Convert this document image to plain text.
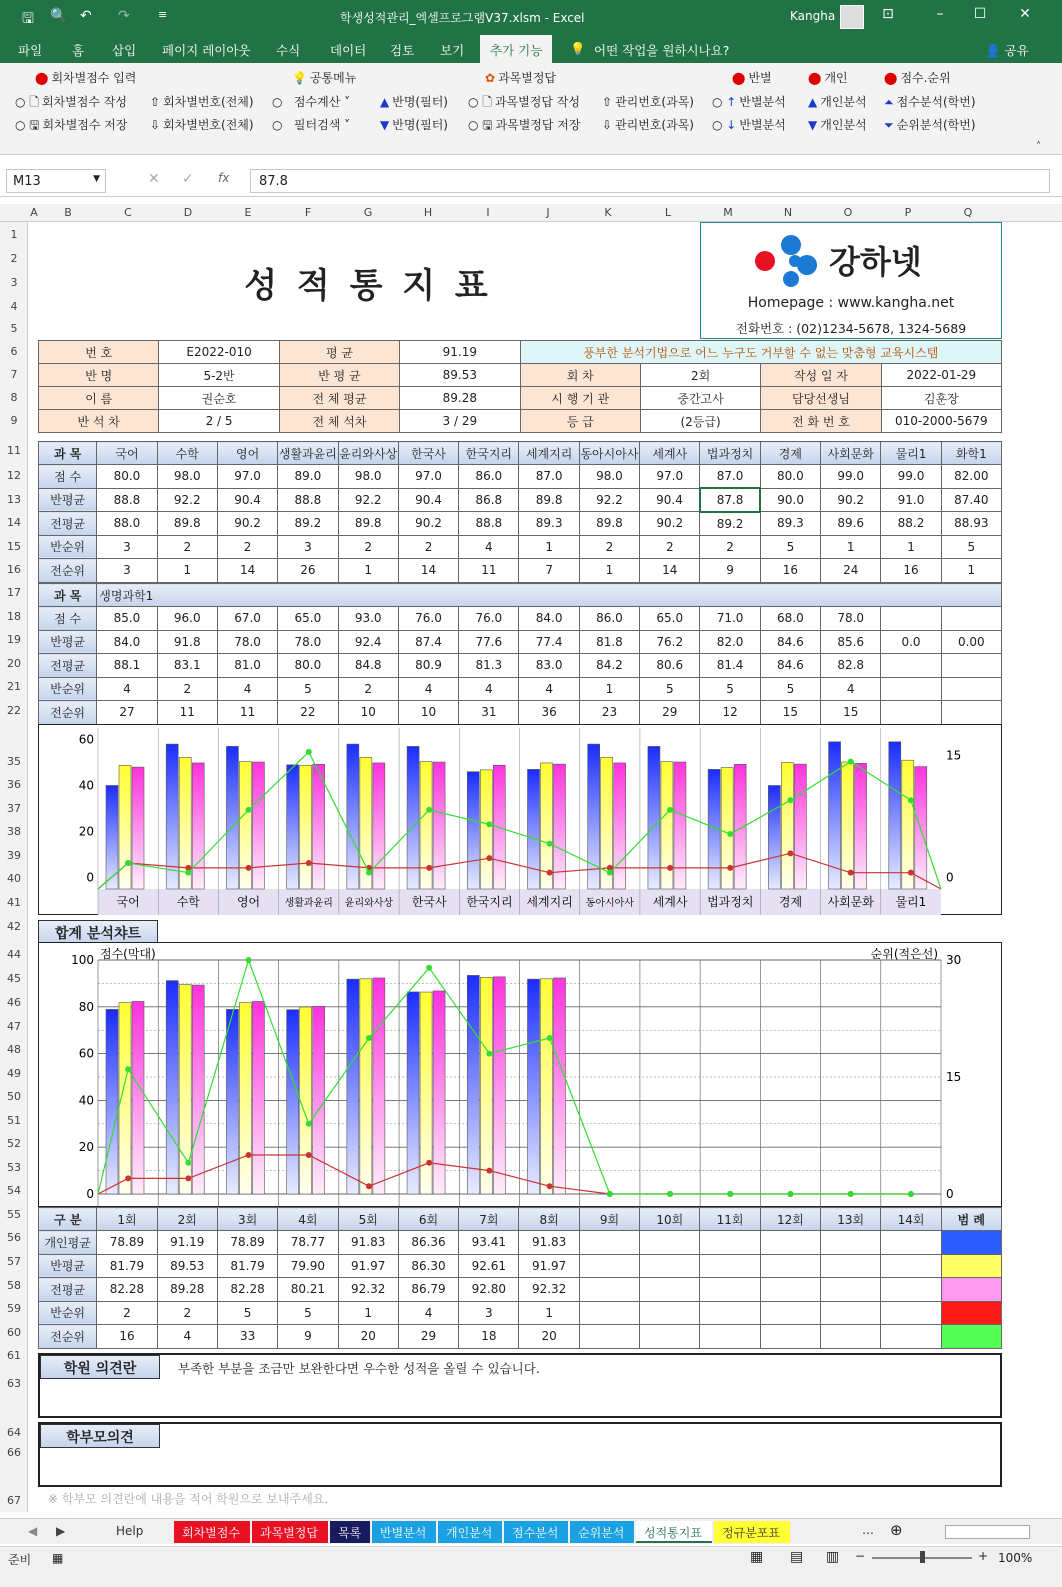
🖫 🔍 ↶ ↷	≡	학생성적관리_엑셀프로그램V37.xlsm - Excel	Kangha	⊡	–	☐	✕
파일 홈 삽입 페이지 레이아웃 수식 데이터 검토 보기	추가 기능	💡 어떤 작업을 원하시나요?	👤 공유
⬤ 회차별점수 입력
○ 🗋 회차별점수 작성 ⇧ 회차별번호(전체)
○ 🖫 회차별점수 저장 ⇩ 회차별번호(전체)
💡 공통메뉴
○   점수계산 ˅ ▲ 반명(필터)
○   필터검색 ˅ ▼ 반명(필터)
✿ 과목별정답
○ 🗋 과목별정답 작성 ⇧ 관리번호(과목)
○ 🖫 과목별정답 저장 ⇩ 관리번호(과목)
⬤ 반별	⬤ 개인	⬤ 점수.순위
○ ↑ 반별분석 ▲ 개인분석 ⏶ 점수분석(학번)
○ ↓ 반별분석 ▼ 개인분석 ⏷ 순위분석(학번)
˄
M13	▼	✕ ✓ fx	87.8
A	B	C	D	E	F	G	H	I	J	K	L	M	N	O	P	Q
1
2
3
4
5
6
7
8
9
11
12
13
14
15
16
17
18
19
20
21
22
35
36
37
38
39
40
41
42
44
45
46
47
48
49
50
51
52
53
54
55
56
57
58
59
60
61
63
64
66
67
성 적 통 지 표
강하넷
Homepage : www.kangha.net
전화번호 : (02)1234-5678, 1324-5689
번 호	E2022-010	평 균	91.19	풍부한 분석기법으로 어느 누구도 거부할 수 없는 맞춤형 교육시스템			
반 명	5-2반	반 평 균	89.53	회 차	2회	작성 일 자	2022-01-29
이 름	권순호	전 체 평균	89.28	시 행 기 관	중간고사	담당선생님	김훈장
반 석 차	2 / 5	전 체 석차	3 / 29	등 급	(2등급)	전 화 번 호	010-2000-5679
과 목	국어	수학	영어	생활과윤리	윤리와사상	한국사	한국지리	세계지리	동아시아사	세계사	법과정치	경제	사회문화	물리1	화학1
점 수	80.0	98.0	97.0	89.0	98.0	97.0	86.0	87.0	98.0	97.0	87.0	80.0	99.0	99.0	82.00
반평균	88.8	92.2	90.4	88.8	92.2	90.4	86.8	89.8	92.2	90.4	87.8	90.0	90.2	91.0	87.40
전평균	88.0	89.8	90.2	89.2	89.8	90.2	88.8	89.3	89.8	90.2	89.2	89.3	89.6	88.2	88.93
반순위	3	2	2	3	2	2	4	1	2	2	2	5	1	1	5
전순위	3	1	14	26	1	14	11	7	1	14	9	16	24	16	1
과 목	생명과학1														
점 수	85.0	96.0	67.0	65.0	93.0	76.0	76.0	84.0	86.0	65.0	71.0	68.0	78.0		
반평균	84.0	91.8	78.0	78.0	92.4	87.4	77.6	77.4	81.8	76.2	82.0	84.6	85.6	0.0	0.00
전평균	88.1	83.1	81.0	80.0	84.8	80.9	81.3	83.0	84.2	80.6	81.4	84.6	82.8		
반순위	4	2	4	5	2	4	4	4	1	5	5	5	4		
전순위	27	11	11	22	10	10	31	36	23	29	12	15	15		
60
40
20
0
15
0
국어	수학	영어 생활과윤리 윤리와사상 한국사 한국지리 세계지리 동아시아사 세계사 법과정치 경제 사회문화 물리1
합계 분석챠트
100
80
60
40
20
0
30
15
0
점수(막대)	순위(적은선)
구 분	1회	2회	3회	4회	5회	6회	7회	8회	9회	10회	11회	12회	13회	14회	범 례
개인평균	78.89	91.19	78.89	78.77	91.83	86.36	93.41	91.83							
반평균	81.79	89.53	81.79	79.90	91.97	86.30	92.61	91.97							
전평균	82.28	89.28	82.28	80.21	92.32	86.79	92.80	92.32							
반순위	2	2	5	5	1	4	3	1							
전순위	16	4	33	9	20	29	18	20							
학원 의견란	부족한 부분을 조금만 보완한다면 우수한 성적을 올릴 수 있습니다.
학부모의견
※ 학부모 의견란에 내용을 적어 학원으로 보내주세요.
◀ ▶	Help	회차별점수	과목별정답	목록	반별분석	개인분석	점수분석	순위분석	성적통지표	정규분포표	… ⊕
준비 ▦	▦ ▤ ▥ −	+ 100%
